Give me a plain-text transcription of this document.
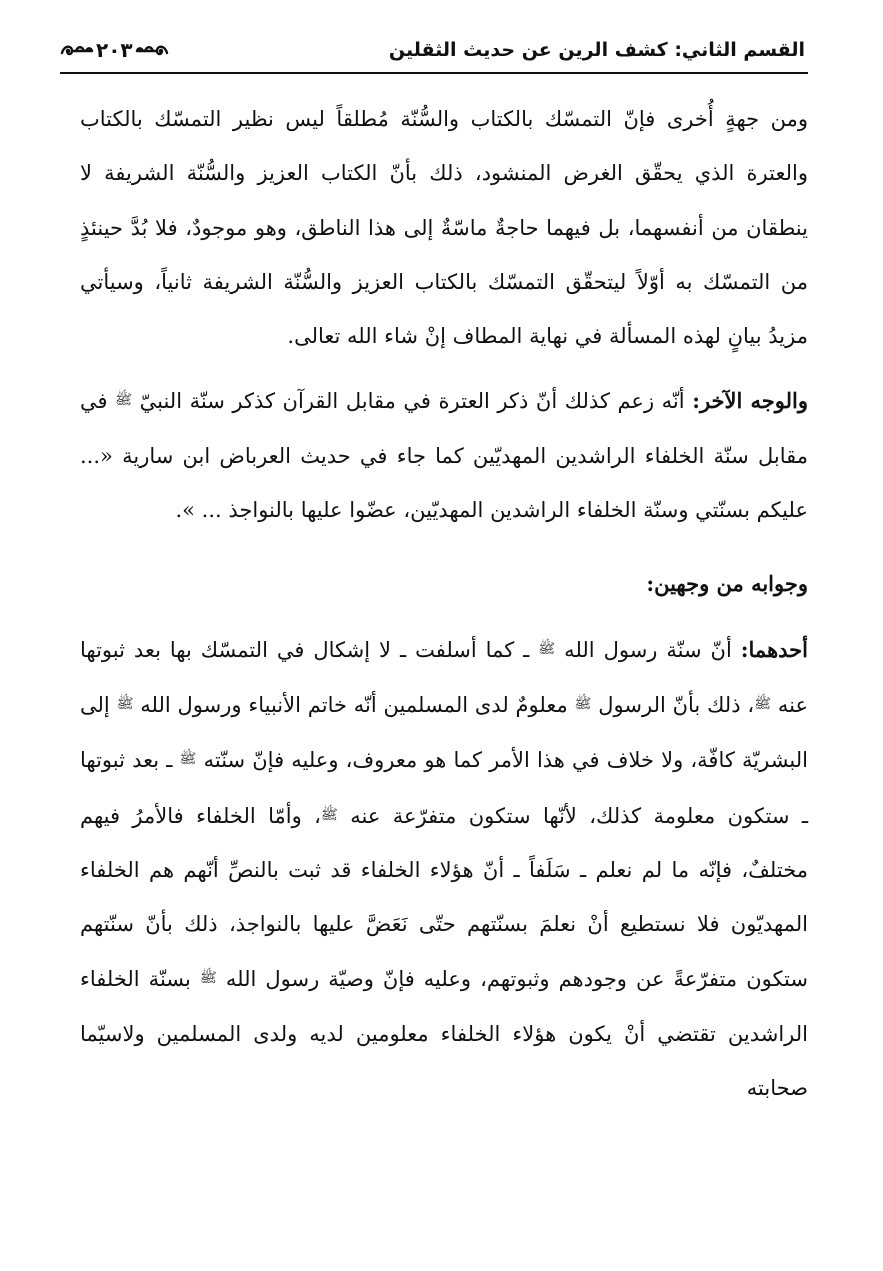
القسم الثاني: كشف الرين عن حديث الثقلين
٢٠٣

ومن جهةٍ أُخرى فإنّ التمسّك بالكتاب والسُّنّة مُطلقاً ليس نظير التمسّك بالكتاب والعترة الذي يحقّق الغرض المنشود، ذلك بأنّ الكتاب العزيز والسُّنّة الشريفة لا ينطقان من أنفسهما، بل فيهما حاجةٌ ماسّةٌ إلى هذا الناطق، وهو موجودٌ، فلا بُدَّ حينئذٍ من التمسّك به أوّلاً ليتحقّق التمسّك بالكتاب العزيز والسُّنّة الشريفة ثانياً، وسيأتي مزيدُ بيانٍ لهذه المسألة في نهاية المطاف إنْ شاء الله تعالى.

والوجه الآخر: أنّه زعم كذلك أنّ ذكر العترة في مقابل القرآن كذكر سنّة النبيّ ﷺ في مقابل سنّة الخلفاء الراشدين المهديّين كما جاء في حديث العرباض ابن سارية «... عليكم بسنّتي وسنّة الخلفاء الراشدين المهديّين، عضّوا عليها بالنواجذ ... ».

وجوابه من وجهين:

أحدهما: أنّ سنّة رسول الله ﷺ ـ كما أسلفت ـ لا إشكال في التمسّك بها بعد ثبوتها عنه ﷺ، ذلك بأنّ الرسول ﷺ معلومٌ لدى المسلمين أنّه خاتم الأنبياء ورسول الله ﷺ إلى البشريّة كافّة، ولا خلاف في هذا الأمر كما هو معروف، وعليه فإنّ سنّته ﷺ ـ بعد ثبوتها ـ ستكون معلومة كذلك، لأنّها ستكون متفرّعة عنه ﷺ، وأمّا الخلفاء فالأمرُ فيهم مختلفٌ، فإنّه ما لم نعلم ـ سَلَفاً ـ أنّ هؤلاء الخلفاء قد ثبت بالنصِّ أنّهم هم الخلفاء المهديّون فلا نستطيع أنْ نعلمَ بسنّتهم حتّى نَعَضَّ عليها بالنواجذ، ذلك بأنّ سنّتهم ستكون متفرّعةً عن وجودهم وثبوتهم، وعليه فإنّ وصيّة رسول الله ﷺ بسنّة الخلفاء الراشدين تقتضي أنْ يكون هؤلاء الخلفاء معلومين لديه ولدى المسلمين ولاسيّما صحابته
